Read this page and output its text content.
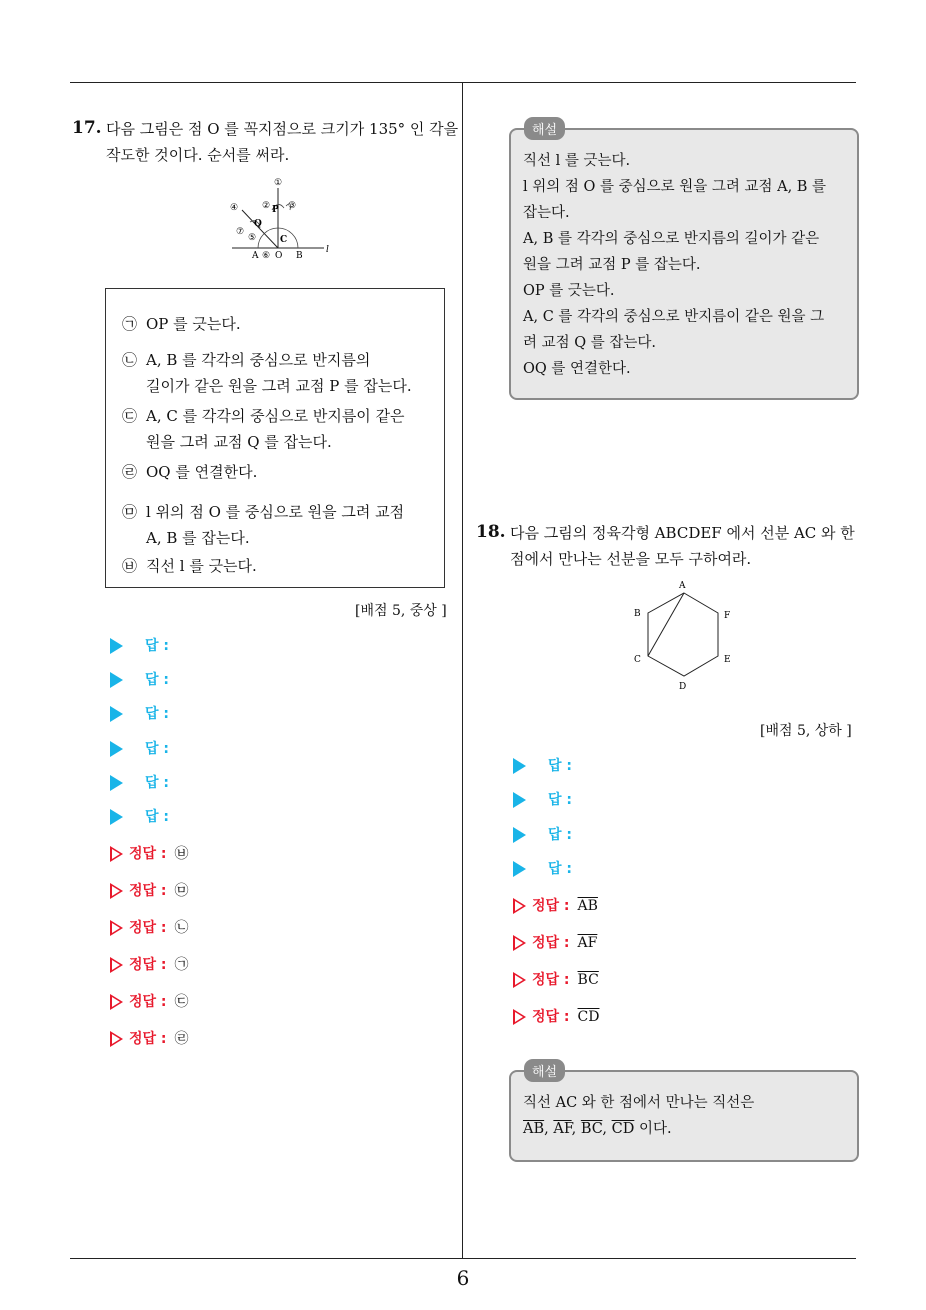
6
17. 다음 그림은 점 O 를 꼭지점으로 크기가 135° 인 각을
작도한 것이다. 순서를 써라.
①
② ③
④
⑤
⑥
⑦
P
Q
C
A O B
l
㉠ OP 를 긋는다.
㉡ A, B 를 각각의 중심으로 반지름의
길이가 같은 원을 그려 교점 P 를 잡는다.
㉢ A, C 를 각각의 중심으로 반지름이 같은
원을 그려 교점 Q 를 잡는다.
㉣ OQ 를 연결한다.
㉤ l 위의 점 O 를 중심으로 원을 그려 교점
A, B 를 잡는다.
㉥ 직선 l 를 긋는다.
[배점 5, 중상 ]
답 :
답 :
답 :
답 :
답 :
답 :
정답 : ㉥
정답 : ㉤
정답 : ㉡
정답 : ㉠
정답 : ㉢
정답 : ㉣
직선 l 를 긋는다.
l 위의 점 O 를 중심으로 원을 그려 교점 A, B 를
잡는다.
A, B 를 각각의 중심으로 반지름의 길이가 같은
원을 그려 교점 P 를 잡는다.
OP 를 긋는다.
A, C 를 각각의 중심으로 반지름이 같은 원을 그
려 교점 Q 를 잡는다.
OQ 를 연결한다.
해설
18. 다음 그림의 정육각형 ABCDEF 에서 선분 AC 와 한
점에서 만나는 선분을 모두 구하여라.
A
B
C
D
E
F
[배점 5, 상하 ]
답 :
답 :
답 :
답 :
정답 : $\overline{AB}$
정답 : $\overline{AF}$
정답 : $\overline{BC}$
정답 : $\overline{CD}$
직선 AC 와 한 점에서 만나는 직선은
$\overline{AB}$, $\overline{AF}$, $\overline{BC}$, $\overline{CD}$ 이다.
해설
